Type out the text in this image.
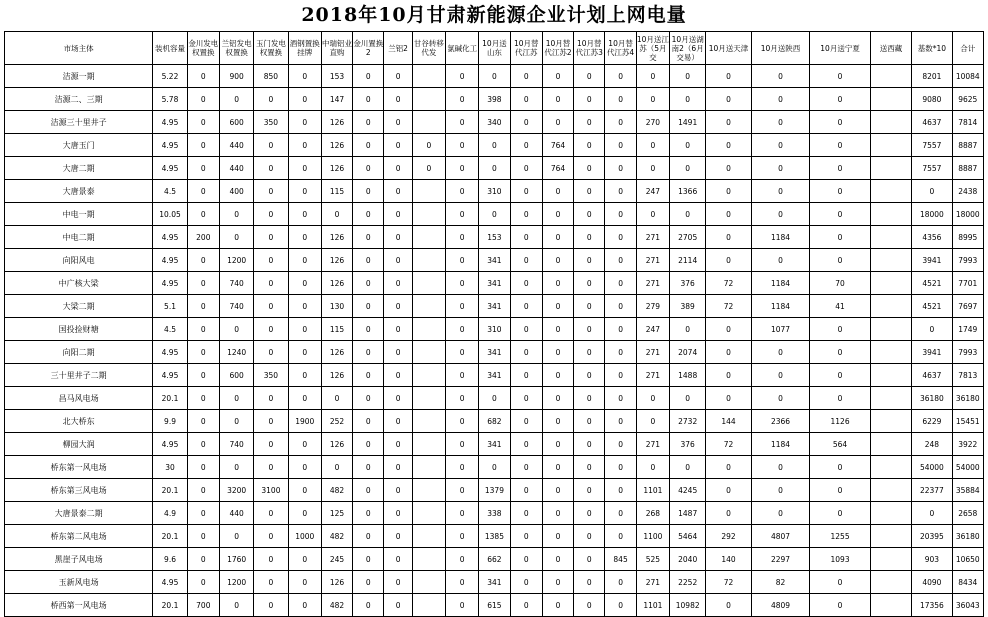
2018年10月甘肃新能源企业计划上网电量
市场主体	装机容量	金川发电权置换	兰铝发电权置换	玉门发电权置换	酒钢置换挂牌	中瑞铝业直购	金川置换2	兰铝2	甘谷转移代发	氯碱化工	10月送山东	10月替代江苏	10月替代江苏2	10月替代江苏3	10月替代江苏4	10月送江苏（5月交	10月送湖南2（6月交易）	10月送天津	10月送陕西	10月送宁夏	送西藏	基数*10	合计
洁源一期	5.22	0	900	850	0	153	0	0		0	0	0	0	0	0	0	0	0	0	0		8201	10084
洁源二、三期	5.78	0	0	0	0	147	0	0		0	398	0	0	0	0	0	0	0	0	0		9080	9625
洁源三十里井子	4.95	0	600	350	0	126	0	0		0	340	0	0	0	0	270	1491	0	0	0		4637	7814
大唐玉门	4.95	0	440	0	0	126	0	0	0	0	0	0	764	0	0	0	0	0	0	0		7557	8887
大唐二期	4.95	0	440	0	0	126	0	0	0	0	0	0	764	0	0	0	0	0	0	0		7557	8887
大唐景泰	4.5	0	400	0	0	115	0	0		0	310	0	0	0	0	247	1366	0	0	0		0	2438
中电一期	10.05	0	0	0	0	0	0	0		0	0	0	0	0	0	0	0	0	0	0		18000	18000
中电二期	4.95	200	0	0	0	126	0	0		0	153	0	0	0	0	271	2705	0	1184	0		4356	8995
向阳风电	4.95	0	1200	0	0	126	0	0		0	341	0	0	0	0	271	2114	0	0	0		3941	7993
中广核大梁	4.95	0	740	0	0	126	0	0		0	341	0	0	0	0	271	376	72	1184	70		4521	7701
大梁二期	5.1	0	740	0	0	130	0	0		0	341	0	0	0	0	279	389	72	1184	41		4521	7697
国投捡财塘	4.5	0	0	0	0	115	0	0		0	310	0	0	0	0	247	0	0	1077	0		0	1749
向阳二期	4.95	0	1240	0	0	126	0	0		0	341	0	0	0	0	271	2074	0	0	0		3941	7993
三十里井子二期	4.95	0	600	350	0	126	0	0		0	341	0	0	0	0	271	1488	0	0	0		4637	7813
昌马风电场	20.1	0	0	0	0	0	0	0		0	0	0	0	0	0	0	0	0	0	0		36180	36180
北大桥东	9.9	0	0	0	1900	252	0	0		0	682	0	0	0	0	0	2732	144	2366	1126		6229	15451
柳园大润	4.95	0	740	0	0	126	0	0		0	341	0	0	0	0	271	376	72	1184	564		248	3922
桥东第一风电场	30	0	0	0	0	0	0	0		0	0	0	0	0	0	0	0	0	0	0		54000	54000
桥东第三风电场	20.1	0	3200	3100	0	482	0	0		0	1379	0	0	0	0	1101	4245	0	0	0		22377	35884
大唐景泰二期	4.9	0	440	0	0	125	0	0		0	338	0	0	0	0	268	1487	0	0	0		0	2658
桥东第二风电场	20.1	0	0	0	1000	482	0	0		0	1385	0	0	0	0	1100	5464	292	4807	1255		20395	36180
黑崖子风电场	9.6	0	1760	0	0	245	0	0		0	662	0	0	0	845	525	2040	140	2297	1093		903	10650
玉新风电场	4.95	0	1200	0	0	126	0	0		0	341	0	0	0	0	271	2252	72	82	0		4090	8434
桥西第一风电场	20.1	700	0	0	0	482	0	0		0	615	0	0	0	0	1101	10982	0	4809	0		17356	36043
